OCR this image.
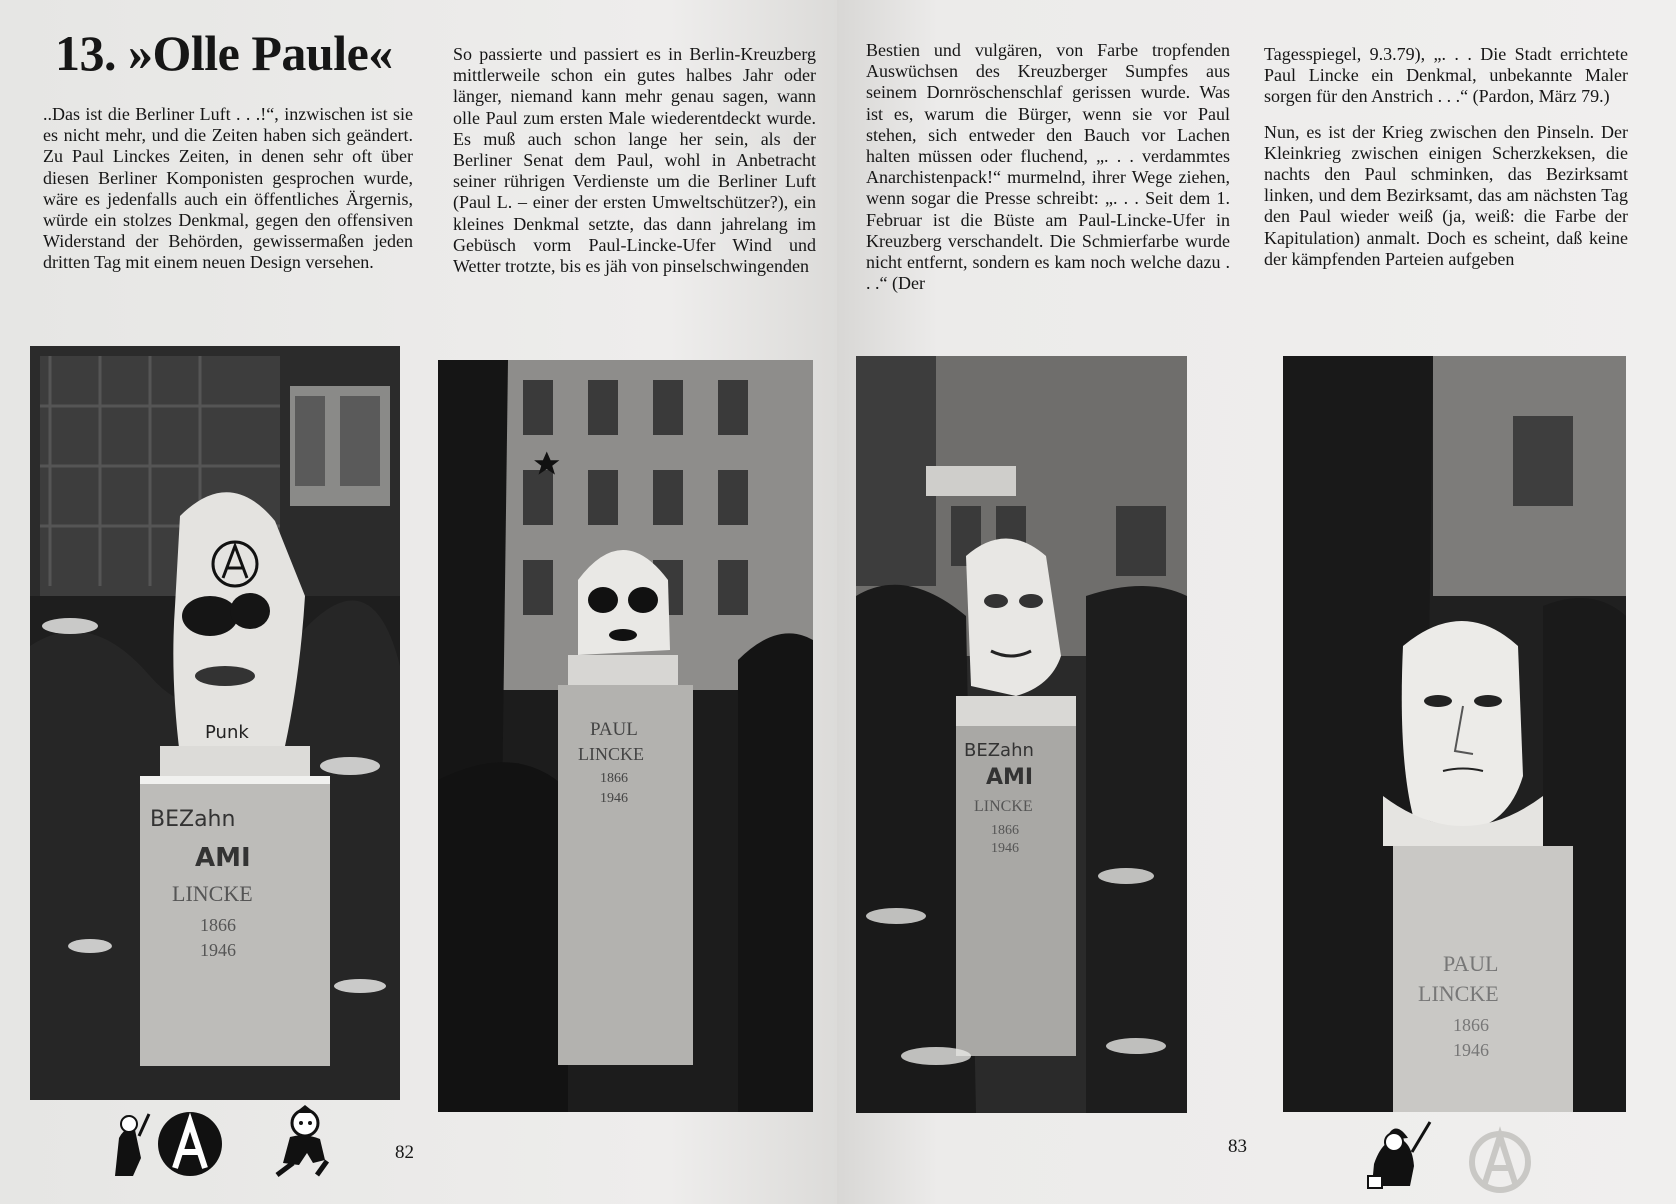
13. »Olle Paule«

..Das ist die Berliner Luft . . .!“, inzwischen ist sie es nicht mehr, und die Zeiten haben sich geändert. Zu Paul Linckes Zeiten, in denen sehr oft über diesen Berliner Komponisten gesprochen wurde, wäre es jedenfalls auch ein öffentliches Ärgernis, würde ein stolzes Denkmal, gegen den offensiven Widerstand der Behörden, gewissermaßen jeden dritten Tag mit einem neuen Design versehen.

So passierte und passiert es in Berlin-Kreuzberg mittlerweile schon ein gutes halbes Jahr oder länger, niemand kann mehr genau sagen, wann olle Paul zum ersten Male wiederentdeckt wurde. Es muß auch schon lange her sein, als der Berliner Senat dem Paul, wohl in Anbetracht seiner rührigen Verdienste um die Berliner Luft (Paul L. – einer der ersten Umweltschützer?), ein kleines Denkmal setzte, das dann jahrelang im Gebüsch vorm Paul-Lincke-Ufer Wind und Wetter trotzte, bis es jäh von pinselschwingenden

Punk
BEZahn
AMI
LINCKE
1866
1946
PAUL
LINCKE
1866
1946
82

Bestien und vulgären, von Farbe tropfenden Auswüchsen des Kreuzberger Sumpfes aus seinem Dornröschenschlaf gerissen wurde. Was ist es, warum die Bürger, wenn sie vor Paul stehen, sich entweder den Bauch vor Lachen halten müssen oder fluchend, „. . . verdammtes Anarchistenpack!“ murmelnd, ihrer Wege ziehen, wenn sogar die Presse schreibt: „. . . Seit dem 1. Februar ist die Büste am Paul-Lincke-Ufer in Kreuzberg verschandelt. Die Schmierfarbe wurde nicht entfernt, sondern es kam noch welche dazu . . .“ (Der

Tagesspiegel, 9.3.79), „. . . Die Stadt errichtete Paul Lincke ein Denkmal, unbekannte Maler sorgen für den Anstrich . . .“ (Pardon, März 79.)

Nun, es ist der Krieg zwischen den Pinseln. Der Kleinkrieg zwischen einigen Scherzkeksen, die nachts den Paul schminken, das Bezirksamt linken, und dem Bezirksamt, das am nächsten Tag den Paul wieder weiß (ja, weiß: die Farbe der Kapitulation) anmalt. Doch es scheint, daß keine der kämpfenden Parteien aufgeben

BEZahn
AMI
LINCKE
1866
1946
PAUL
LINCKE
1866
1946
83
